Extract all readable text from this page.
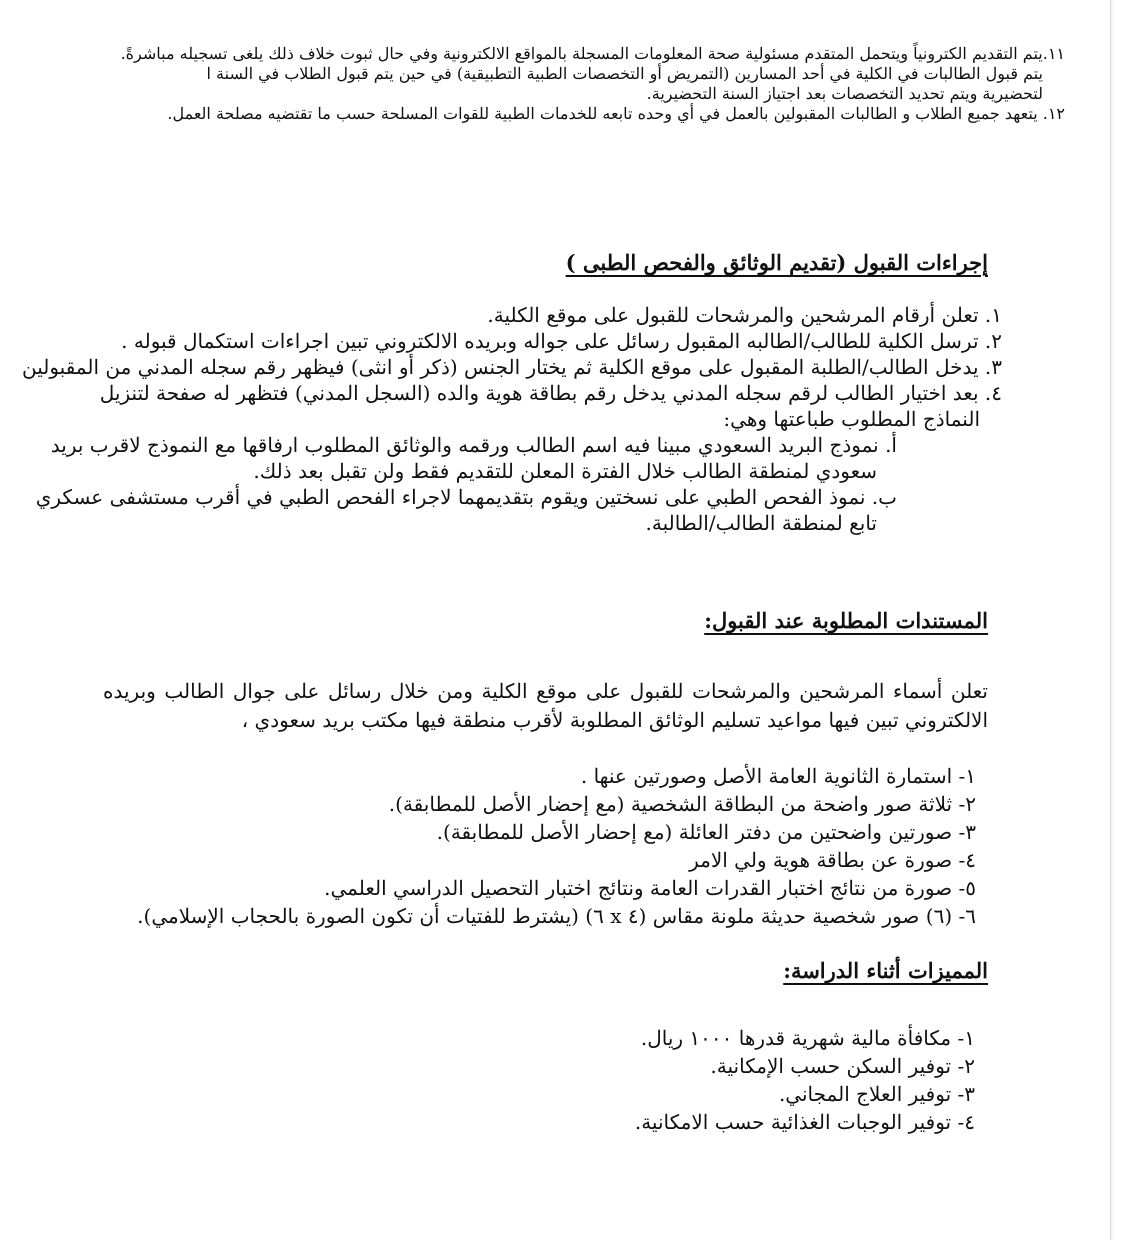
١١.يتم التقديم الكترونياً ويتحمل المتقدم مسئولية صحة المعلومات المسجلة بالمواقع الالكترونية وفي حال ثبوت خلاف ذلك يلغى تسجيله مباشرةً.
يتم قبول الطالبات في الكلية في أحد المسارين (التمريض أو التخصصات الطبية التطبيقية) في حين يتم قبول الطلاب في السنة ا
لتحضيرية ويتم تحديد التخصصات بعد اجتياز السنة التحضيرية.
١٢. يتعهد جميع الطلاب و الطالبات المقبولين بالعمل في أي وحده تابعه للخدمات الطبية للقوات المسلحة حسب ما تقتضيه مصلحة العمل.
إجراءات القبول (تقديم الوثائق والفحص الطبى )
١. تعلن أرقام المرشحين والمرشحات للقبول على موقع الكلية.
٢. ترسل الكلية للطالب/الطالبه المقبول رسائل على جواله وبريده الالكتروني تبين اجراءات استكمال قبوله .
٣. يدخل الطالب/الطلبة المقبول على موقع الكلية ثم يختار الجنس (ذكر أو انثى) فيظهر رقم سجله المدني من المقبولين
٤. بعد اختيار الطالب لرقم سجله المدني يدخل رقم بطاقة هوية والده (السجل المدني) فتظهر له صفحة لتنزيل
النماذج المطلوب طباعتها وهي:
أ. نموذج البريد السعودي مبينا فيه اسم الطالب ورقمه والوثائق المطلوب ارفاقها مع النموذج لاقرب بريد
سعودي لمنطقة الطالب خلال الفترة المعلن للتقديم فقط ولن تقبل بعد ذلك.
ب. نموذ الفحص الطبي على نسختين ويقوم بتقديمهما لاجراء الفحص الطبي في أقرب مستشفى عسكري
تابع لمنطقة الطالب/الطالبة.
المستندات المطلوبة عند القبول:
تعلن أسماء المرشحين والمرشحات للقبول على موقع الكلية ومن خلال رسائل على جوال الطالب وبريده الالكتروني تبين فيها مواعيد تسليم الوثائق المطلوبة لأقرب منطقة فيها مكتب بريد سعودي ،
١- استمارة الثانوية العامة الأصل وصورتين عنها .
٢- ثلاثة صور واضحة من البطاقة الشخصية (مع إحضار الأصل للمطابقة).
٣- صورتين واضحتين من دفتر العائلة (مع إحضار الأصل للمطابقة).
٤- صورة عن بطاقة هوية ولي الامر
٥- صورة من نتائج اختبار القدرات العامة ونتائج اختبار التحصيل الدراسي العلمي.
٦- (٦) صور شخصية حديثة ملونة مقاس (٤ x ٦) (يشترط للفتيات أن تكون الصورة بالحجاب الإسلامي).
المميزات أثناء الدراسة:
١- مكافأة مالية شهرية قدرها ١٠٠٠ ريال.
٢- توفير السكن حسب الإمكانية.
٣- توفير العلاج المجاني.
٤- توفير الوجبات الغذائية حسب الامكانية.
